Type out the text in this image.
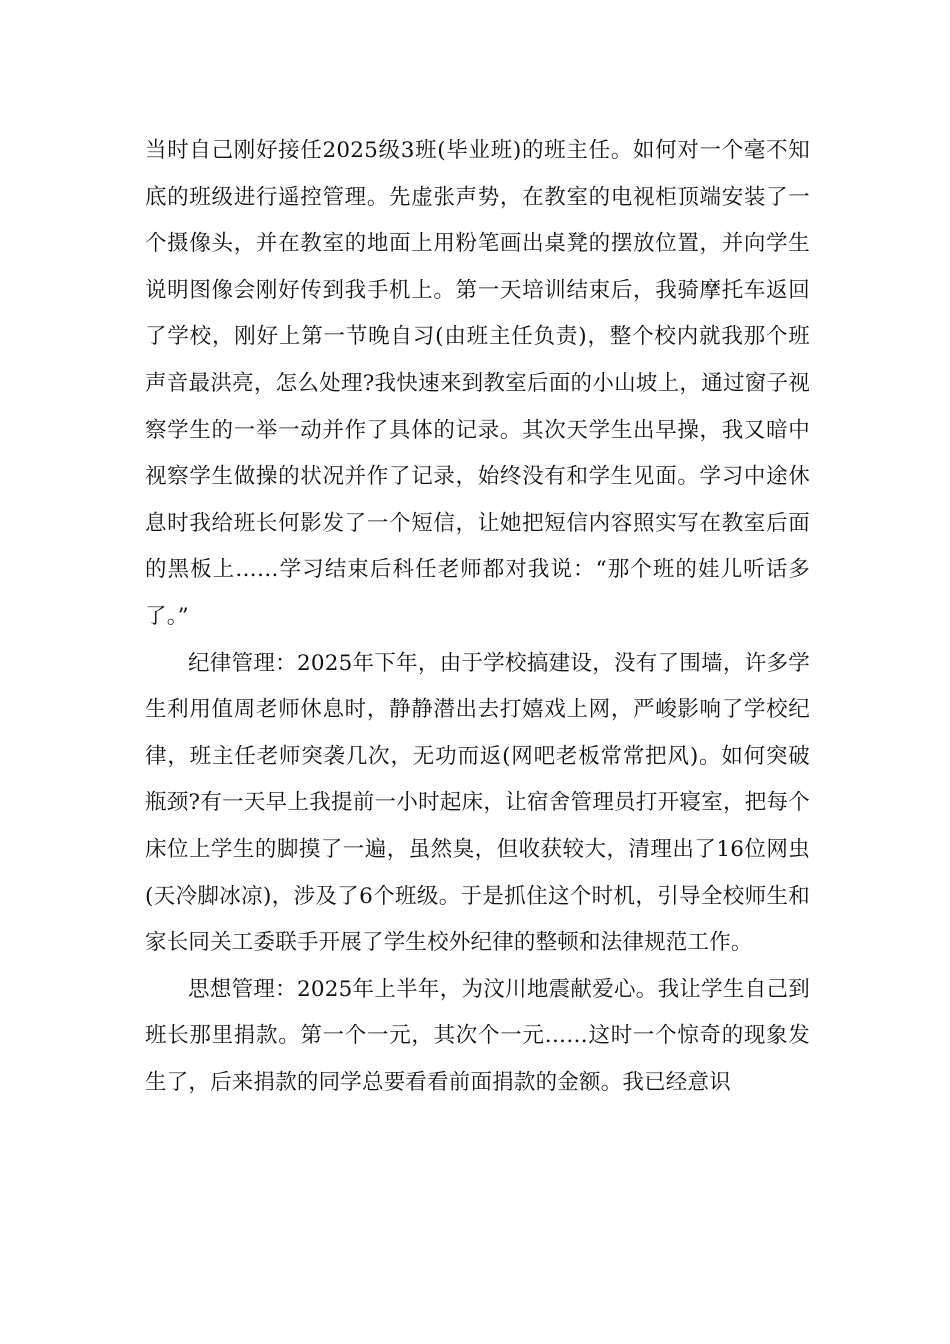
当时自己刚好接任2025级3班(毕业班)的班主任。如何对一个毫不知底的班级进行遥控管理。先虚张声势，在教室的电视柜顶端安装了一个摄像头，并在教室的地面上用粉笔画出桌凳的摆放位置，并向学生说明图像会刚好传到我手机上。第一天培训结束后，我骑摩托车返回了学校，刚好上第一节晚自习(由班主任负责)，整个校内就我那个班声音最洪亮，怎么处理?我快速来到教室后面的小山坡上，通过窗子视察学生的一举一动并作了具体的记录。其次天学生出早操，我又暗中视察学生做操的状况并作了记录，始终没有和学生见面。学习中途休息时我给班长何影发了一个短信，让她把短信内容照实写在教室后面的黑板上……学习结束后科任老师都对我说：“那个班的娃儿听话多了。”

纪律管理：2025年下年，由于学校搞建设，没有了围墙，许多学生利用值周老师休息时，静静潜出去打嬉戏上网，严峻影响了学校纪律，班主任老师突袭几次，无功而返(网吧老板常常把风)。如何突破瓶颈?有一天早上我提前一小时起床，让宿舍管理员打开寝室，把每个床位上学生的脚摸了一遍，虽然臭，但收获较大，清理出了16位网虫(天冷脚冰凉)，涉及了6个班级。于是抓住这个时机，引导全校师生和家长同关工委联手开展了学生校外纪律的整顿和法律规范工作。

思想管理：2025年上半年，为汶川地震献爱心。我让学生自己到班长那里捐款。第一个一元，其次个一元……这时一个惊奇的现象发生了，后来捐款的同学总要看看前面捐款的金额。我已经意识
